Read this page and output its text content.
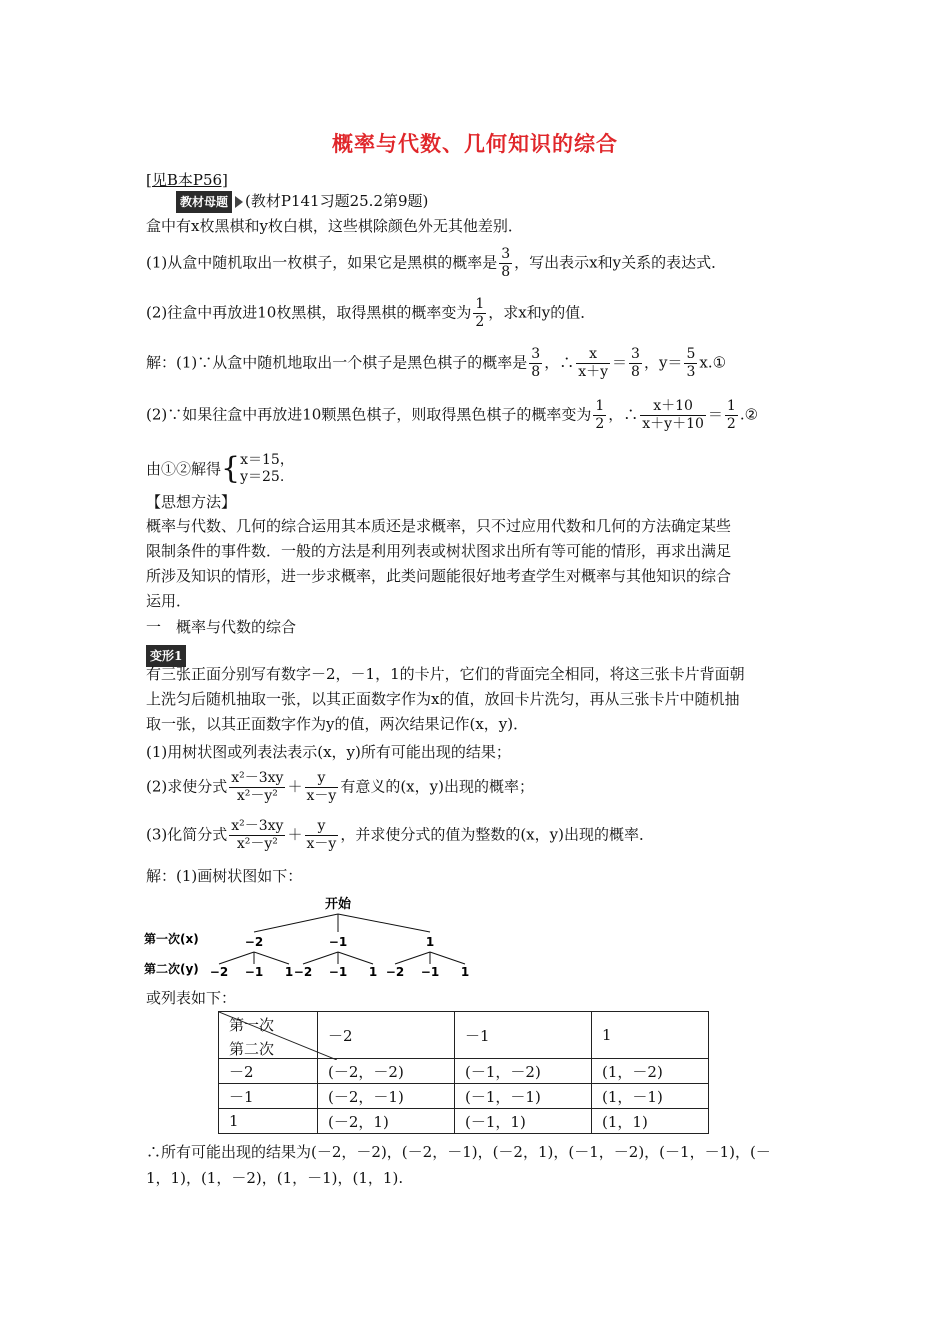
概率与代数、几何知识的综合
[见B本P56]
教材母题 (教材P141习题25.2第9题)
盒中有x枚黑棋和y枚白棋，这些棋除颜色外无其他差别．
(1)从盒中随机取出一枚棋子，如果它是黑棋的概率是 $\frac{3}{8}$ ，写出表示x和y关系的表达式．
(2)往盒中再放进10枚黑棋，取得黑棋的概率变为 $\frac{1}{2}$ ，求x和y的值．
解：(1)∵从盒中随机地取出一个棋子是黑色棋子的概率是 $\frac{3}{8}$ ，∴ $\frac{x}{x+y} = \frac{3}{8}$ ，$y= \frac{5}{3}$ x.①
(2)∵如果往盒中再放进10颗黑色棋子，则取得黑色棋子的概率变为 $\frac{1}{2}$ ，∴ $\frac{x+10}{x+y+10} = \frac{1}{2}$ .②
由①②解得{ x＝15，
y＝25.
【思想方法】
概率与代数、几何的综合运用其本质还是求概率，只不过应用代数和几何的方法确定某些
限制条件的事件数．一般的方法是利用列表或树状图求出所有等可能的情形，再求出满足
所涉及知识的情形，进一步求概率，此类问题能很好地考查学生对概率与其他知识的综合
运用．
一　概率与代数的综合
变形1
有三张正面分别写有数字－2，－1，1的卡片，它们的背面完全相同，将这三张卡片背面朝
上洗匀后随机抽取一张，以其正面数字作为x的值，放回卡片洗匀，再从三张卡片中随机抽
取一张，以其正面数字作为y的值，两次结果记作(x，y)．
(1)用树状图或列表法表示(x，y)所有可能出现的结果；
(2)求使分式 $\frac{\text{x²－3xy}}{\text{x²－y²}} + \frac{y}{x-y}$ 有意义的(x，y)出现的概率；
(3)化简分式 $\frac{\text{x²－3xy}}{\text{x²－y²}} + \frac{y}{x-y}$ ，并求使分式的值为整数的(x，y)出现的概率．
解：(1)画树状图如下：
开始
第一次(x)	−2	−1	1
第二次(y) −2 −1 1 −2 −1 1 −2 −1 1
或列表如下：
第一次
第二次	－2	－1	1
－2	(－2，－2)	(－1，－2)	(1，－2)
－1	(－2，－1)	(－1，－1)	(1，－1)
1	(－2，1)	(－1，1)	(1，1)
∴所有可能出现的结果为(－2，－2)，(－2，－1)，(－2，1)，(－1，－2)，(－1，－1)，(－
1，1)，(1，－2)，(1，－1)，(1，1).
